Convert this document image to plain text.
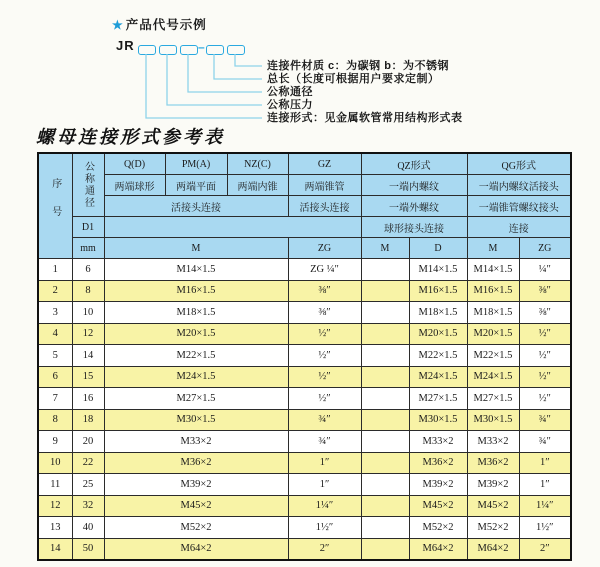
★ 产品代号示例
JR	–
连接件材质 c：为碳钢 b：为不锈钢
总长（长度可根据用户要求定制）
公称通径
公称压力
连接形式：见金属软管常用结构形式表
螺母连接形式参考表
序号	公称通径	Q(D)	PM(A)	NZ(C)	GZ	QZ形式		QG形式	
		两端球形	两端平面	两端内锥	两端锥管	一端内螺纹		一端内螺纹活接头	
		活接头连接			活接头连接	一端外螺纹		一端锥管螺纹接头	
	D1					球形接头连接		连接	
	mm	M			ZG	M	D	M	ZG
1	6	M14×1.5			ZG ¼″		M14×1.5	M14×1.5	¼″
2	8	M16×1.5			⅜″		M16×1.5	M16×1.5	⅜″
3	10	M18×1.5			⅜″		M18×1.5	M18×1.5	⅜″
4	12	M20×1.5			½″		M20×1.5	M20×1.5	½″
5	14	M22×1.5			½″		M22×1.5	M22×1.5	½″
6	15	M24×1.5			½″		M24×1.5	M24×1.5	½″
7	16	M27×1.5			½″		M27×1.5	M27×1.5	½″
8	18	M30×1.5			¾″		M30×1.5	M30×1.5	¾″
9	20	M33×2			¾″		M33×2	M33×2	¾″
10	22	M36×2			1″		M36×2	M36×2	1″
11	25	M39×2			1″		M39×2	M39×2	1″
12	32	M45×2			1¼″		M45×2	M45×2	1¼″
13	40	M52×2			1½″		M52×2	M52×2	1½″
14	50	M64×2			2″		M64×2	M64×2	2″
